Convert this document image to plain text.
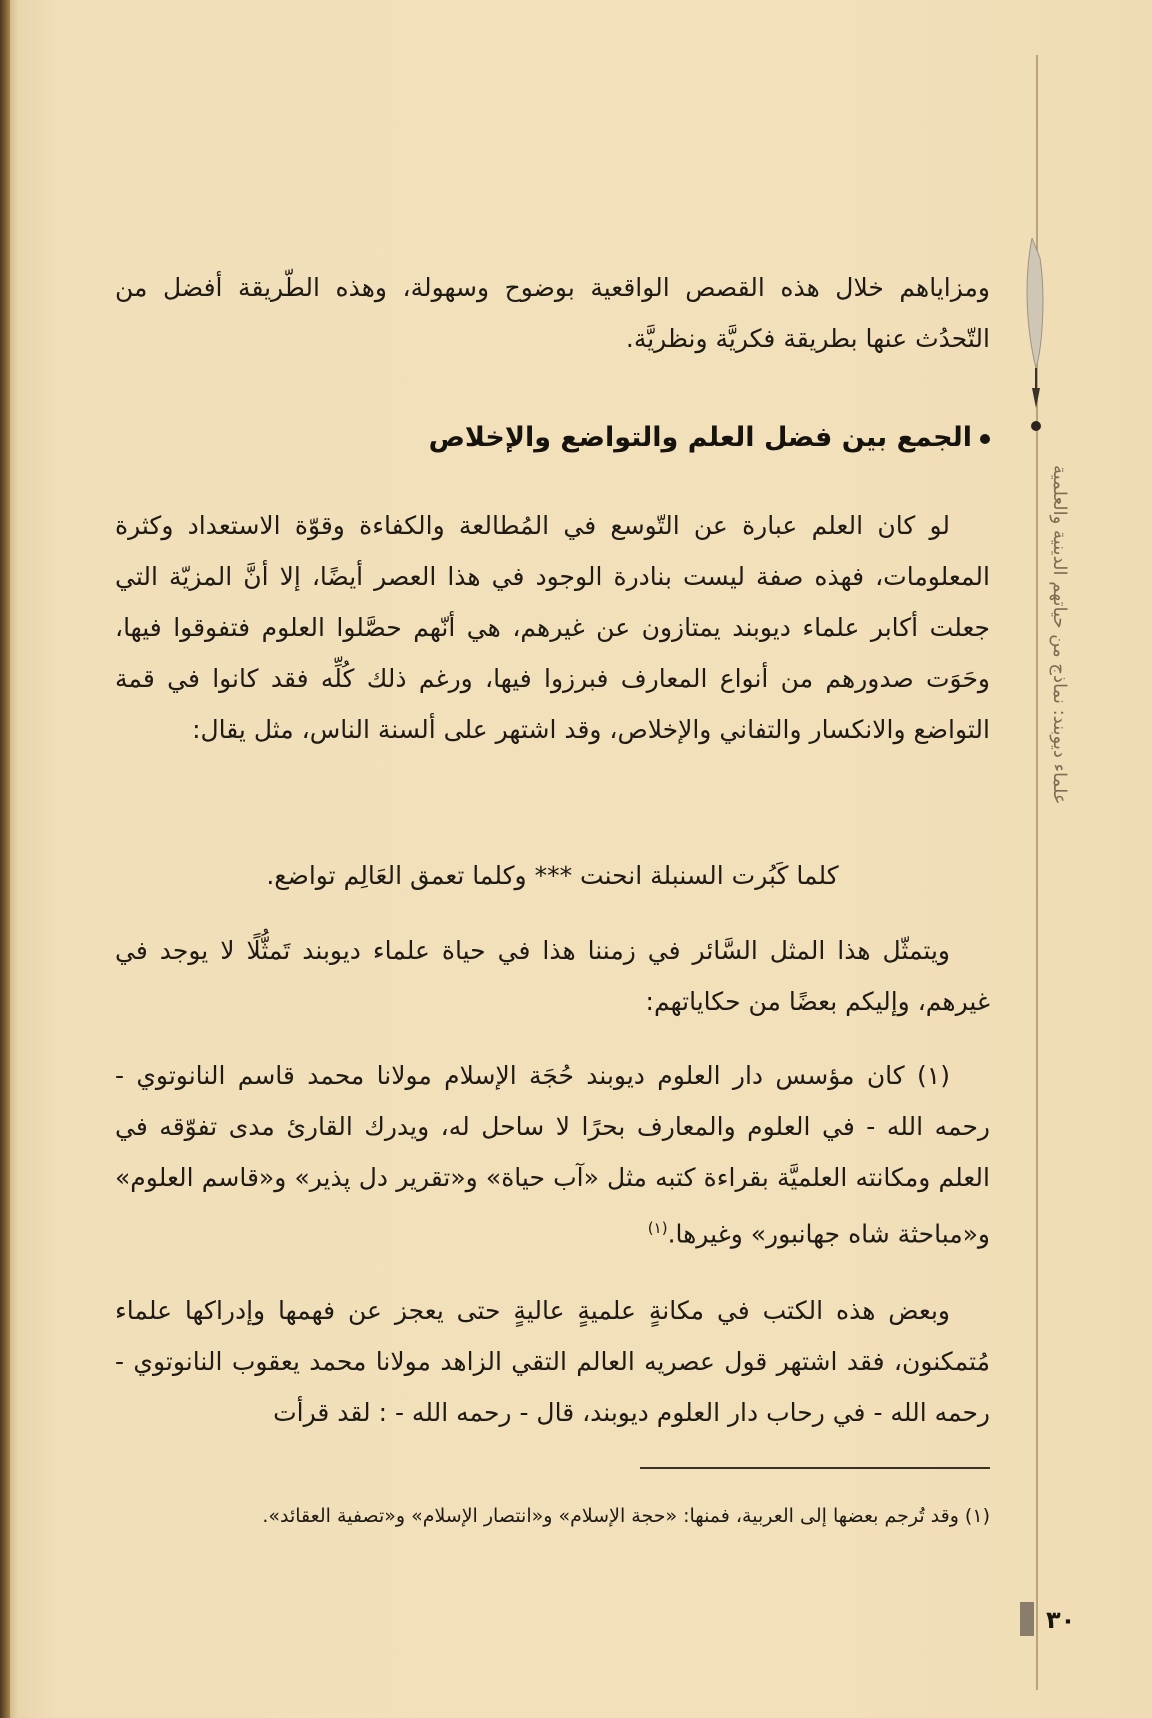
علماء ديوبند: نماذج من حياتهم الدينية والعلمية

ومزاياهم خلال هذه القصص الواقعية بوضوح وسهولة، وهذه الطّريقة أفضل من التّحدُث عنها بطريقة فكريَّة ونظريَّة.

الجمع بين فضل العلم والتواضع والإخلاص

لو كان العلم عبارة عن التّوسع في المُطالعة والكفاءة وقوّة الاستعداد وكثرة المعلومات، فهذه صفة ليست بنادرة الوجود في هذا العصر أيضًا، إلا أنَّ المزيّة التي جعلت أكابر علماء ديوبند يمتازون عن غيرهم، هي أنّهم حصَّلوا العلوم فتفوقوا فيها، وحَوَت صدورهم من أنواع المعارف فبرزوا فيها، ورغم ذلك كُلِّه فقد كانوا في قمة التواضع والانكسار والتفاني والإخلاص، وقد اشتهر على ألسنة الناس، مثل يقال:

كلما كَبُرت السنبلة انحنت *** وكلما تعمق العَالِم تواضع.

ويتمثّل هذا المثل السَّائر في زمننا هذا في حياة علماء ديوبند تَمثُّلًا لا يوجد في غيرهم، وإليكم بعضًا من حكاياتهم:

(١) كان مؤسس دار العلوم ديوبند حُجَة الإسلام مولانا محمد قاسم النانوتوي - رحمه الله - في العلوم والمعارف بحرًا لا ساحل له، ويدرك القارئ مدى تفوّقه في العلم ومكانته العلميَّة بقراءة كتبه مثل «آب حياة» و«تقرير دل پذير» و«قاسم العلوم» و«مباحثة شاه جهانبور» وغيرها.$^{(١)}$

وبعض هذه الكتب في مكانةٍ علميةٍ عاليةٍ حتى يعجز عن فهمها وإدراكها علماء مُتمكنون، فقد اشتهر قول عصريه العالم التقي الزاهد مولانا محمد يعقوب النانوتوي - رحمه الله - في رحاب دار العلوم ديوبند، قال - رحمه الله - : لقد قرأت

(١) وقد تُرجم بعضها إلى العربية، فمنها: «حجة الإسلام» و«انتصار الإسلام» و«تصفية العقائد».
٣٠
